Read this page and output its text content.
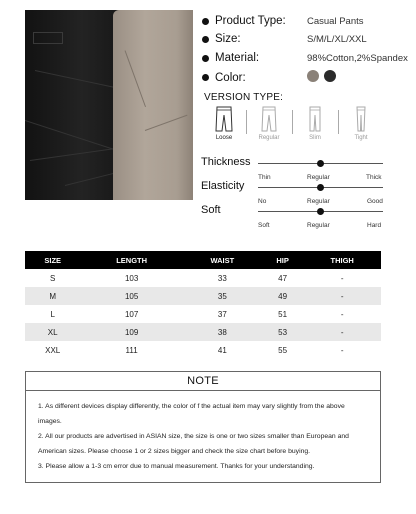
Product Type:	Casual Pants
Size:	S/M/L/XL/XXL
Material:	98%Cotton,2%Spandex
Color:
VERSION TYPE:
Loose	Regular	Slim	Tight
Thickness
Thin	Regular	Thick
Elasticity
No	Regular	Good
Soft
Soft	Regular	Hard
SIZE	LENGTH	WAIST	HIP	THIGH
S	103	33	47	-
M	105	35	49	-
L	107	37	51	-
XL	109	38	53	-
XXL	111	41	55	-
NOTE

1. As different devices display differently, the color of f the actual item may vary slightly from the above images.

2. All our products are advertised in ASIAN size, the size is one or two sizes smaller than European and American sizes. Please choose 1 or 2 sizes bigger and check the size chart before buying.

3. Please allow a 1-3 cm error due to manual measurement. Thanks for your understanding.
